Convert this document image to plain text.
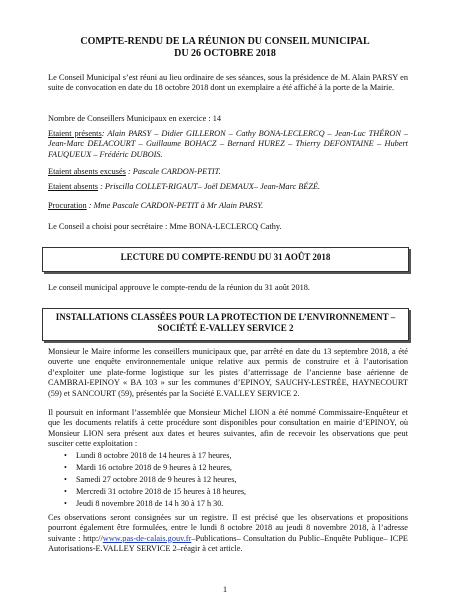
COMPTE-RENDU DE LA RÉUNION DU CONSEIL MUNICIPAL
DU 26 OCTOBRE 2018
Le Conseil Municipal s’est réuni au lieu ordinaire de ses séances, sous la présidence de M. Alain PARSY en suite de convocation en date du 18 octobre 2018 dont un exemplaire a été affiché à la porte de la Mairie.
Nombre de Conseillers Municipaux en exercice : 14
Etaient présents: Alain PARSY – Didier GILLERON – Cathy BONA-LECLERCQ – Jean-Luc THÉRON – Jean-Marc DELACOURT – Guillaume BOHACZ – Bernard HUREZ – Thierry DEFONTAINE – Hubert FAUQUEUX – Frédéric DUBOIS.
Etaient absents excusés : Pascale CARDON-PETIT.
Etaient absents : Priscilla COLLET-RIGAUT– Joël DEMAUX– Jean-Marc BÉZÉ.
Procuration : Mme Pascale CARDON-PETIT à Mr Alain PARSY.
Le Conseil a choisi pour secrétaire : Mme BONA-LECLERCQ Cathy.
LECTURE DU COMPTE-RENDU DU 31 AOÛT 2018
Le conseil municipal approuve le compte-rendu de la réunion du 31 août 2018.
INSTALLATIONS CLASSÉES POUR LA PROTECTION DE L’ENVIRONNEMENT –
SOCIÉTÉ E-VALLEY SERVICE 2
Monsieur le Maire informe les conseillers municipaux que, par arrêté en date du 13 septembre 2018, a été ouverte une enquête environnementale unique relative aux permis de construire et à l’autorisation d’exploiter une plate-forme logistique sur les pistes d’atterrissage de l’ancienne base aérienne de CAMBRAI-EPINOY « BA 103 » sur les communes d’EPINOY, SAUCHY-LESTRÉE, HAYNECOURT (59) et SANCOURT (59), présentés par la Société E.VALLEY SERVICE 2.
Il poursuit en informant l’assemblée que Monsieur Michel LION a été nommé Commissaire-Enquêteur et que les documents relatifs à cette procédure sont disponibles pour consultation en mairie d’EPINOY, où Monsieur LION sera présent aux dates et heures suivantes, afin de recevoir les observations que peut susciter cette exploitation :
• Lundi 8 octobre 2018 de 14 heures à 17 heures,
• Mardi 16 octobre 2018 de 9 heures à 12 heures,
• Samedi 27 octobre 2018 de 9 heures à 12 heures,
• Mercredi 31 octobre 2018 de 15 heures à 18 heures,
• Jeudi 8 novembre 2018 de 14 h 30 à 17 h 30.
Ces observations seront consignées sur un registre. Il est précisé que les observations et propositions pourront également être formulées, entre le lundi 8 octobre 2018 au jeudi 8 novembre 2018, à l’adresse suivante : http://www.pas-de-calais.gouv.fr–Publications– Consultation du Public–Enquête Publique– ICPE Autorisations-E.VALLEY SERVICE 2–réagir à cet article.
1
